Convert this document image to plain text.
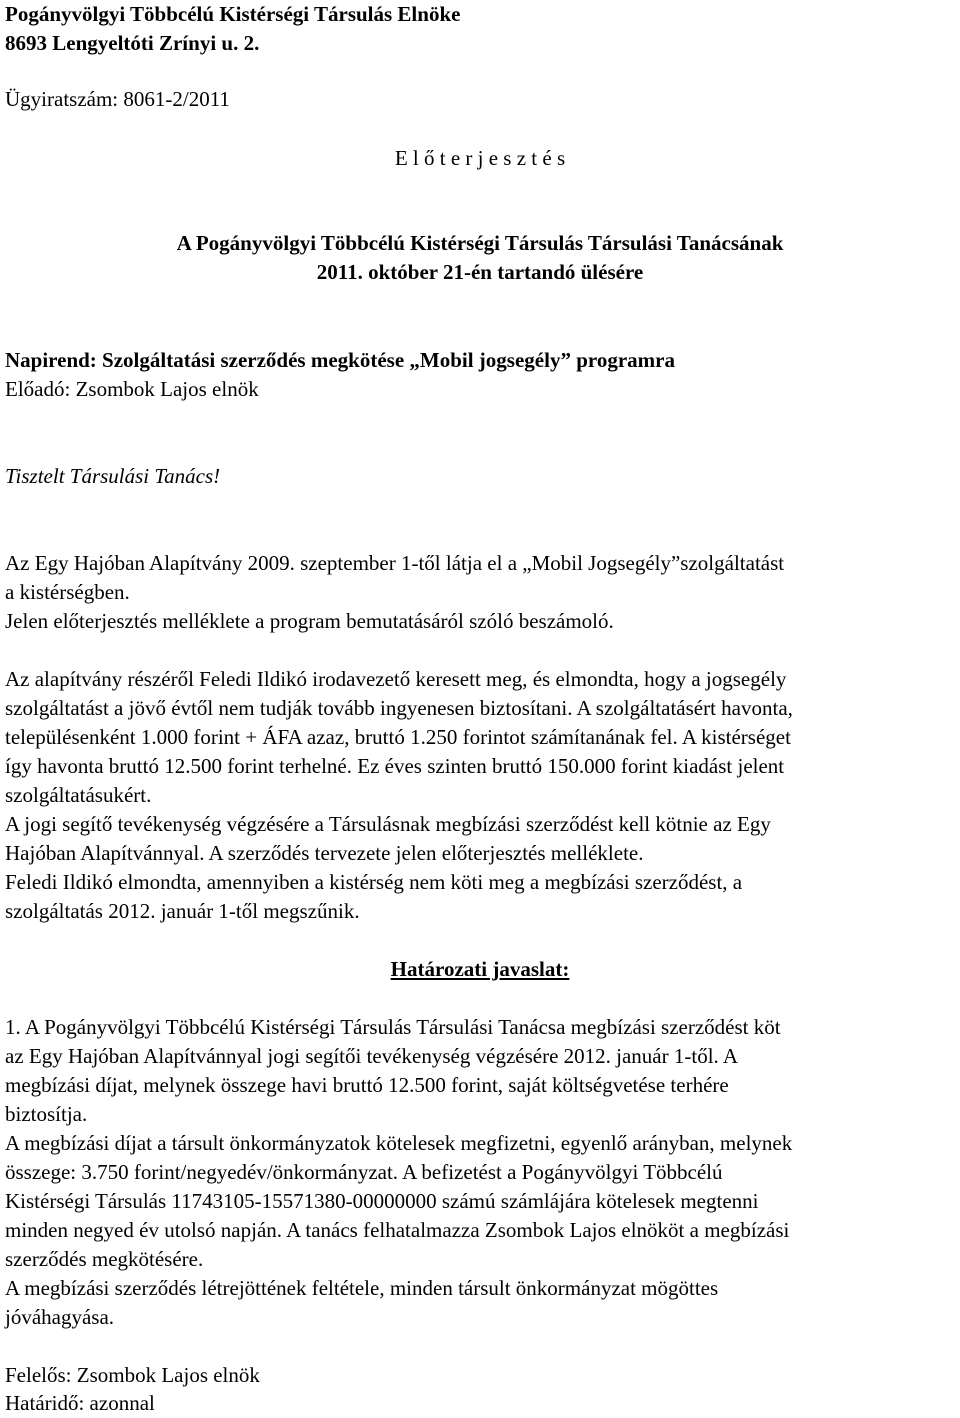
Pogányvölgyi Többcélú Kistérségi Társulás Elnöke
8693 Lengyeltóti Zrínyi u. 2.
Ügyiratszám: 8061-2/2011
E l ő t e r j e s z t é s
A Pogányvölgyi Többcélú Kistérségi Társulás Társulási Tanácsának
2011. október 21-én tartandó ülésére
Napirend: Szolgáltatási szerződés megkötése „Mobil jogsegély” programra
Előadó: Zsombok Lajos elnök
Tisztelt Társulási Tanács!
Az Egy Hajóban Alapítvány 2009. szeptember 1-től látja el a „Mobil Jogsegély”szolgáltatást
a kistérségben.
Jelen előterjesztés melléklete a program bemutatásáról szóló beszámoló.
Az alapítvány részéről Feledi Ildikó irodavezető keresett meg, és elmondta, hogy a jogsegély
szolgáltatást a jövő évtől nem tudják tovább ingyenesen biztosítani. A szolgáltatásért havonta,
településenként 1.000 forint + ÁFA azaz, bruttó 1.250 forintot számítanának fel. A kistérséget
így havonta bruttó 12.500 forint terhelné. Ez éves szinten bruttó 150.000 forint kiadást jelent
szolgáltatásukért.
A jogi segítő tevékenység végzésére a Társulásnak megbízási szerződést kell kötnie az Egy
Hajóban Alapítvánnyal. A szerződés tervezete jelen előterjesztés melléklete.
Feledi Ildikó elmondta, amennyiben a kistérség nem köti meg a megbízási szerződést, a
szolgáltatás 2012. január 1-től megszűnik.
Határozati javaslat:
1. A Pogányvölgyi Többcélú Kistérségi Társulás Társulási Tanácsa megbízási szerződést köt
az Egy Hajóban Alapítvánnyal jogi segítői tevékenység végzésére 2012. január 1-től. A
megbízási díjat, melynek összege havi bruttó 12.500 forint, saját költségvetése terhére
biztosítja.
A megbízási díjat a társult önkormányzatok kötelesek megfizetni, egyenlő arányban, melynek
összege: 3.750 forint/negyedév/önkormányzat. A befizetést a Pogányvölgyi Többcélú
Kistérségi Társulás 11743105-15571380-00000000 számú számlájára kötelesek megtenni
minden negyed év utolsó napján. A tanács felhatalmazza Zsombok Lajos elnököt a megbízási
szerződés megkötésére.
A megbízási szerződés létrejöttének feltétele, minden társult önkormányzat mögöttes
jóváhagyása.
Felelős: Zsombok Lajos elnök
Határidő: azonnal
